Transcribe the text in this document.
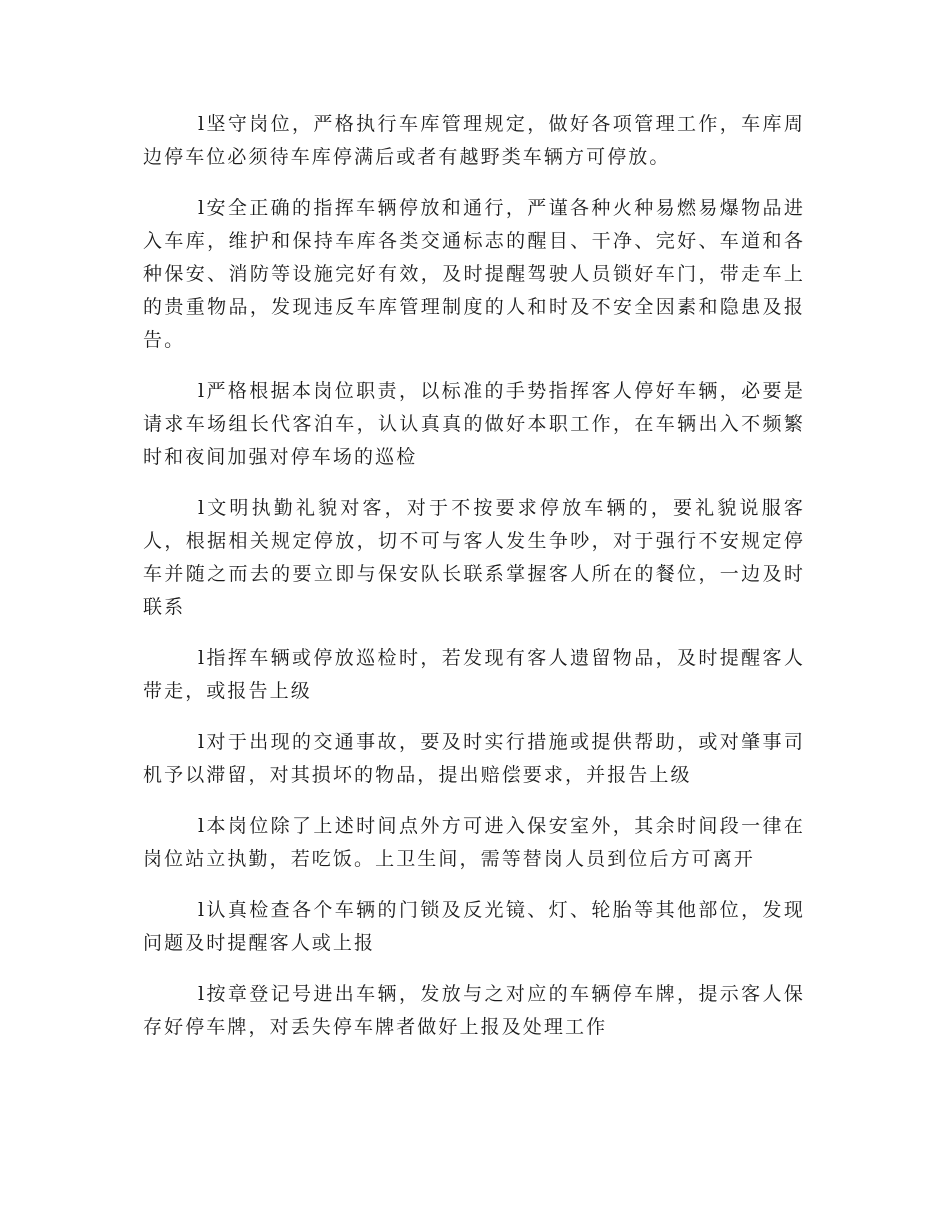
l坚守岗位，严格执行车库管理规定，做好各项管理工作，车库周边停车位必须待车库停满后或者有越野类车辆方可停放。

l安全正确的指挥车辆停放和通行，严谨各种火种易燃易爆物品进入车库，维护和保持车库各类交通标志的醒目、干净、完好、车道和各种保安、消防等设施完好有效，及时提醒驾驶人员锁好车门，带走车上的贵重物品，发现违反车库管理制度的人和时及不安全因素和隐患及报告。

l严格根据本岗位职责，以标准的手势指挥客人停好车辆，必要是请求车场组长代客泊车，认认真真的做好本职工作，在车辆出入不频繁时和夜间加强对停车场的巡检

l文明执勤礼貌对客，对于不按要求停放车辆的，要礼貌说服客人，根据相关规定停放，切不可与客人发生争吵，对于强行不安规定停车并随之而去的要立即与保安队长联系掌握客人所在的餐位，一边及时联系

l指挥车辆或停放巡检时，若发现有客人遗留物品，及时提醒客人带走，或报告上级

l对于出现的交通事故，要及时实行措施或提供帮助，或对肇事司机予以滞留，对其损坏的物品，提出赔偿要求，并报告上级

l本岗位除了上述时间点外方可进入保安室外，其余时间段一律在岗位站立执勤，若吃饭。上卫生间，需等替岗人员到位后方可离开

l认真检查各个车辆的门锁及反光镜、灯、轮胎等其他部位，发现问题及时提醒客人或上报

l按章登记号进出车辆，发放与之对应的车辆停车牌，提示客人保存好停车牌，对丢失停车牌者做好上报及处理工作
